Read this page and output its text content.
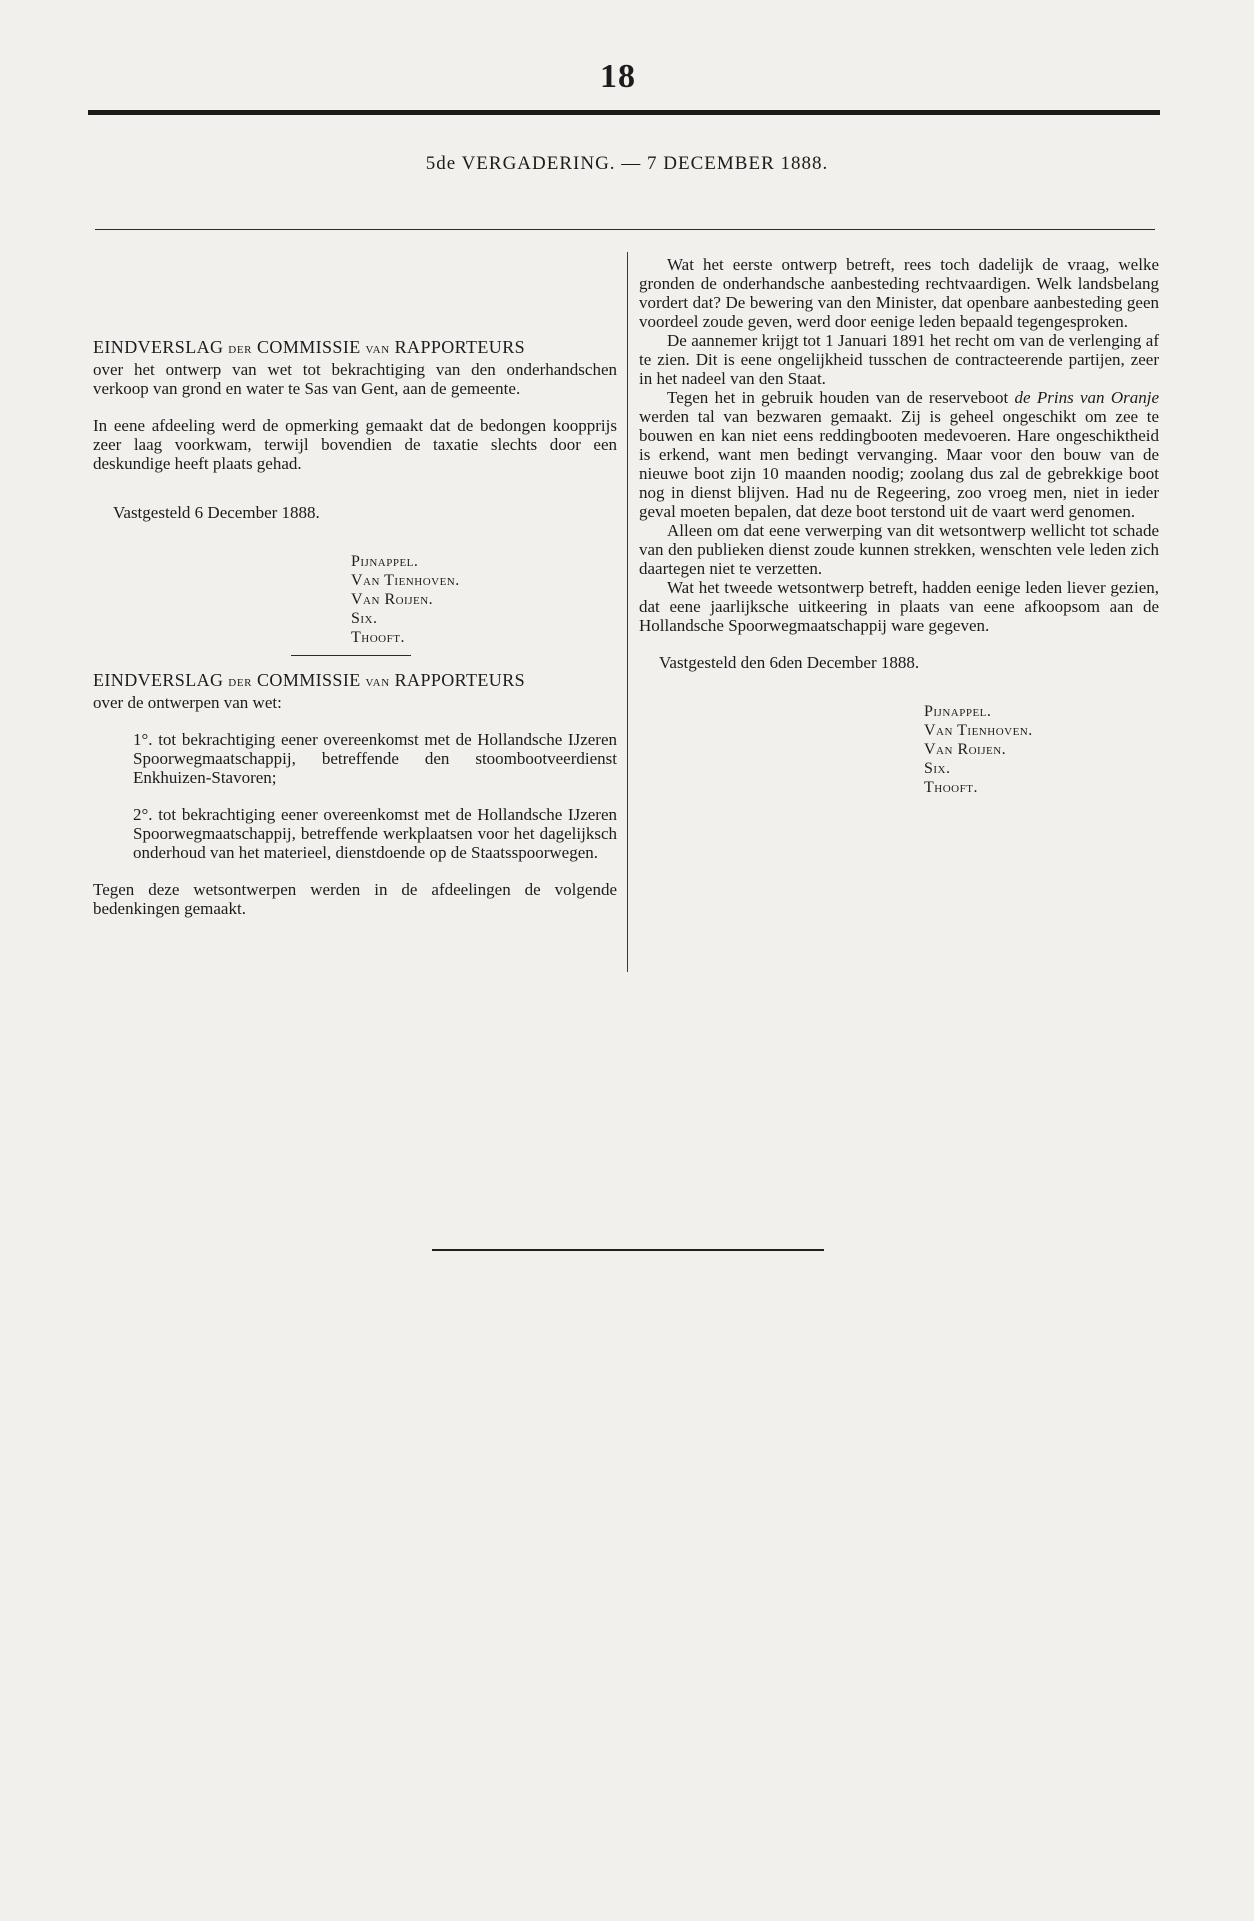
18
5de VERGADERING. — 7 DECEMBER 1888.
EINDVERSLAG DER COMMISSIE VAN RAPPORTEURS

over het ontwerp van wet tot bekrachtiging van den onderhandschen verkoop van grond en water te Sas van Gent, aan de gemeente.

In eene afdeeling werd de opmerking gemaakt dat de bedongen koopprijs zeer laag voorkwam, terwijl bovendien de taxatie slechts door een deskundige heeft plaats gehad.

Vastgesteld 6 December 1888.

Pijnappel.
Van Tienhoven.
Van Roijen.
Six.
Thooft.
EINDVERSLAG DER COMMISSIE VAN RAPPORTEURS

over de ontwerpen van wet:

1°. tot bekrachtiging eener overeenkomst met de Hollandsche IJzeren Spoorwegmaatschappij, betreffende den stoombootveerdienst Enkhuizen-Stavoren;

2°. tot bekrachtiging eener overeenkomst met de Hollandsche IJzeren Spoorwegmaatschappij, betreffende werkplaatsen voor het dagelijksch onderhoud van het materieel, dienstdoende op de Staatsspoorwegen.

Tegen deze wetsontwerpen werden in de afdeelingen de volgende bedenkingen gemaakt.

Wat het eerste ontwerp betreft, rees toch dadelijk de vraag, welke gronden de onderhandsche aanbesteding rechtvaardigen. Welk landsbelang vordert dat? De bewering van den Minister, dat openbare aanbesteding geen voordeel zoude geven, werd door eenige leden bepaald tegengesproken.

De aannemer krijgt tot 1 Januari 1891 het recht om van de verlenging af te zien. Dit is eene ongelijkheid tusschen de contracteerende partijen, zeer in het nadeel van den Staat.

Tegen het in gebruik houden van de reserveboot de Prins van Oranje werden tal van bezwaren gemaakt. Zij is geheel ongeschikt om zee te bouwen en kan niet eens reddingbooten medevoeren. Hare ongeschiktheid is erkend, want men bedingt vervanging. Maar voor den bouw van de nieuwe boot zijn 10 maanden noodig; zoolang dus zal de gebrekkige boot nog in dienst blijven. Had nu de Regeering, zoo vroeg men, niet in ieder geval moeten bepalen, dat deze boot terstond uit de vaart werd genomen.

Alleen om dat eene verwerping van dit wetsontwerp wellicht tot schade van den publieken dienst zoude kunnen strekken, wenschten vele leden zich daartegen niet te verzetten.

Wat het tweede wetsontwerp betreft, hadden eenige leden liever gezien, dat eene jaarlijksche uitkeering in plaats van eene afkoopsom aan de Hollandsche Spoorwegmaatschappij ware gegeven.

Vastgesteld den 6den December 1888.

Pijnappel.
Van Tienhoven.
Van Roijen.
Six.
Thooft.
